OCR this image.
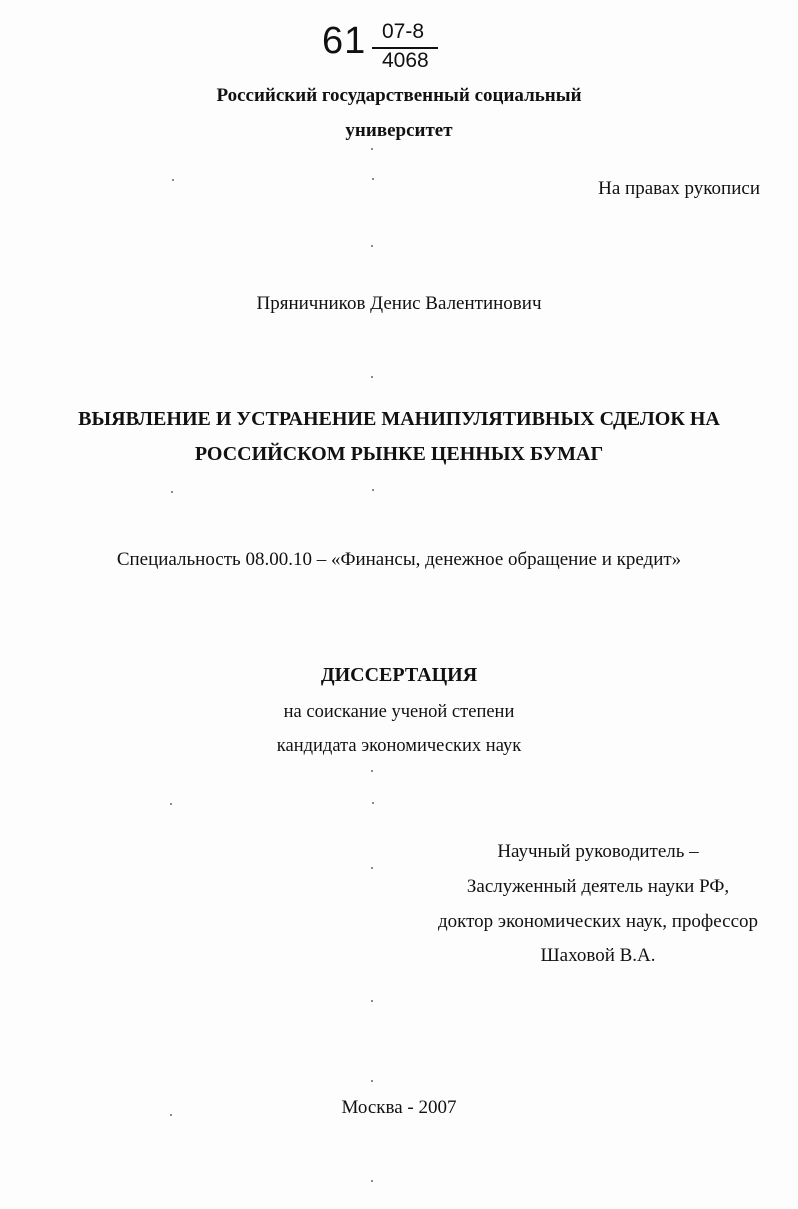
61 07-8
4068
Российский государственный социальный
университет
На правах рукописи
Пряничников Денис Валентинович
ВЫЯВЛЕНИЕ И УСТРАНЕНИЕ МАНИПУЛЯТИВНЫХ СДЕЛОК НА
РОССИЙСКОМ РЫНКЕ ЦЕННЫХ БУМАГ
Специальность 08.00.10 – «Финансы, денежное обращение и кредит»
ДИССЕРТАЦИЯ
на соискание ученой степени
кандидата экономических наук
Научный руководитель –
Заслуженный деятель науки РФ,
доктор экономических наук, профессор
Шаховой В.А.
Москва - 2007
